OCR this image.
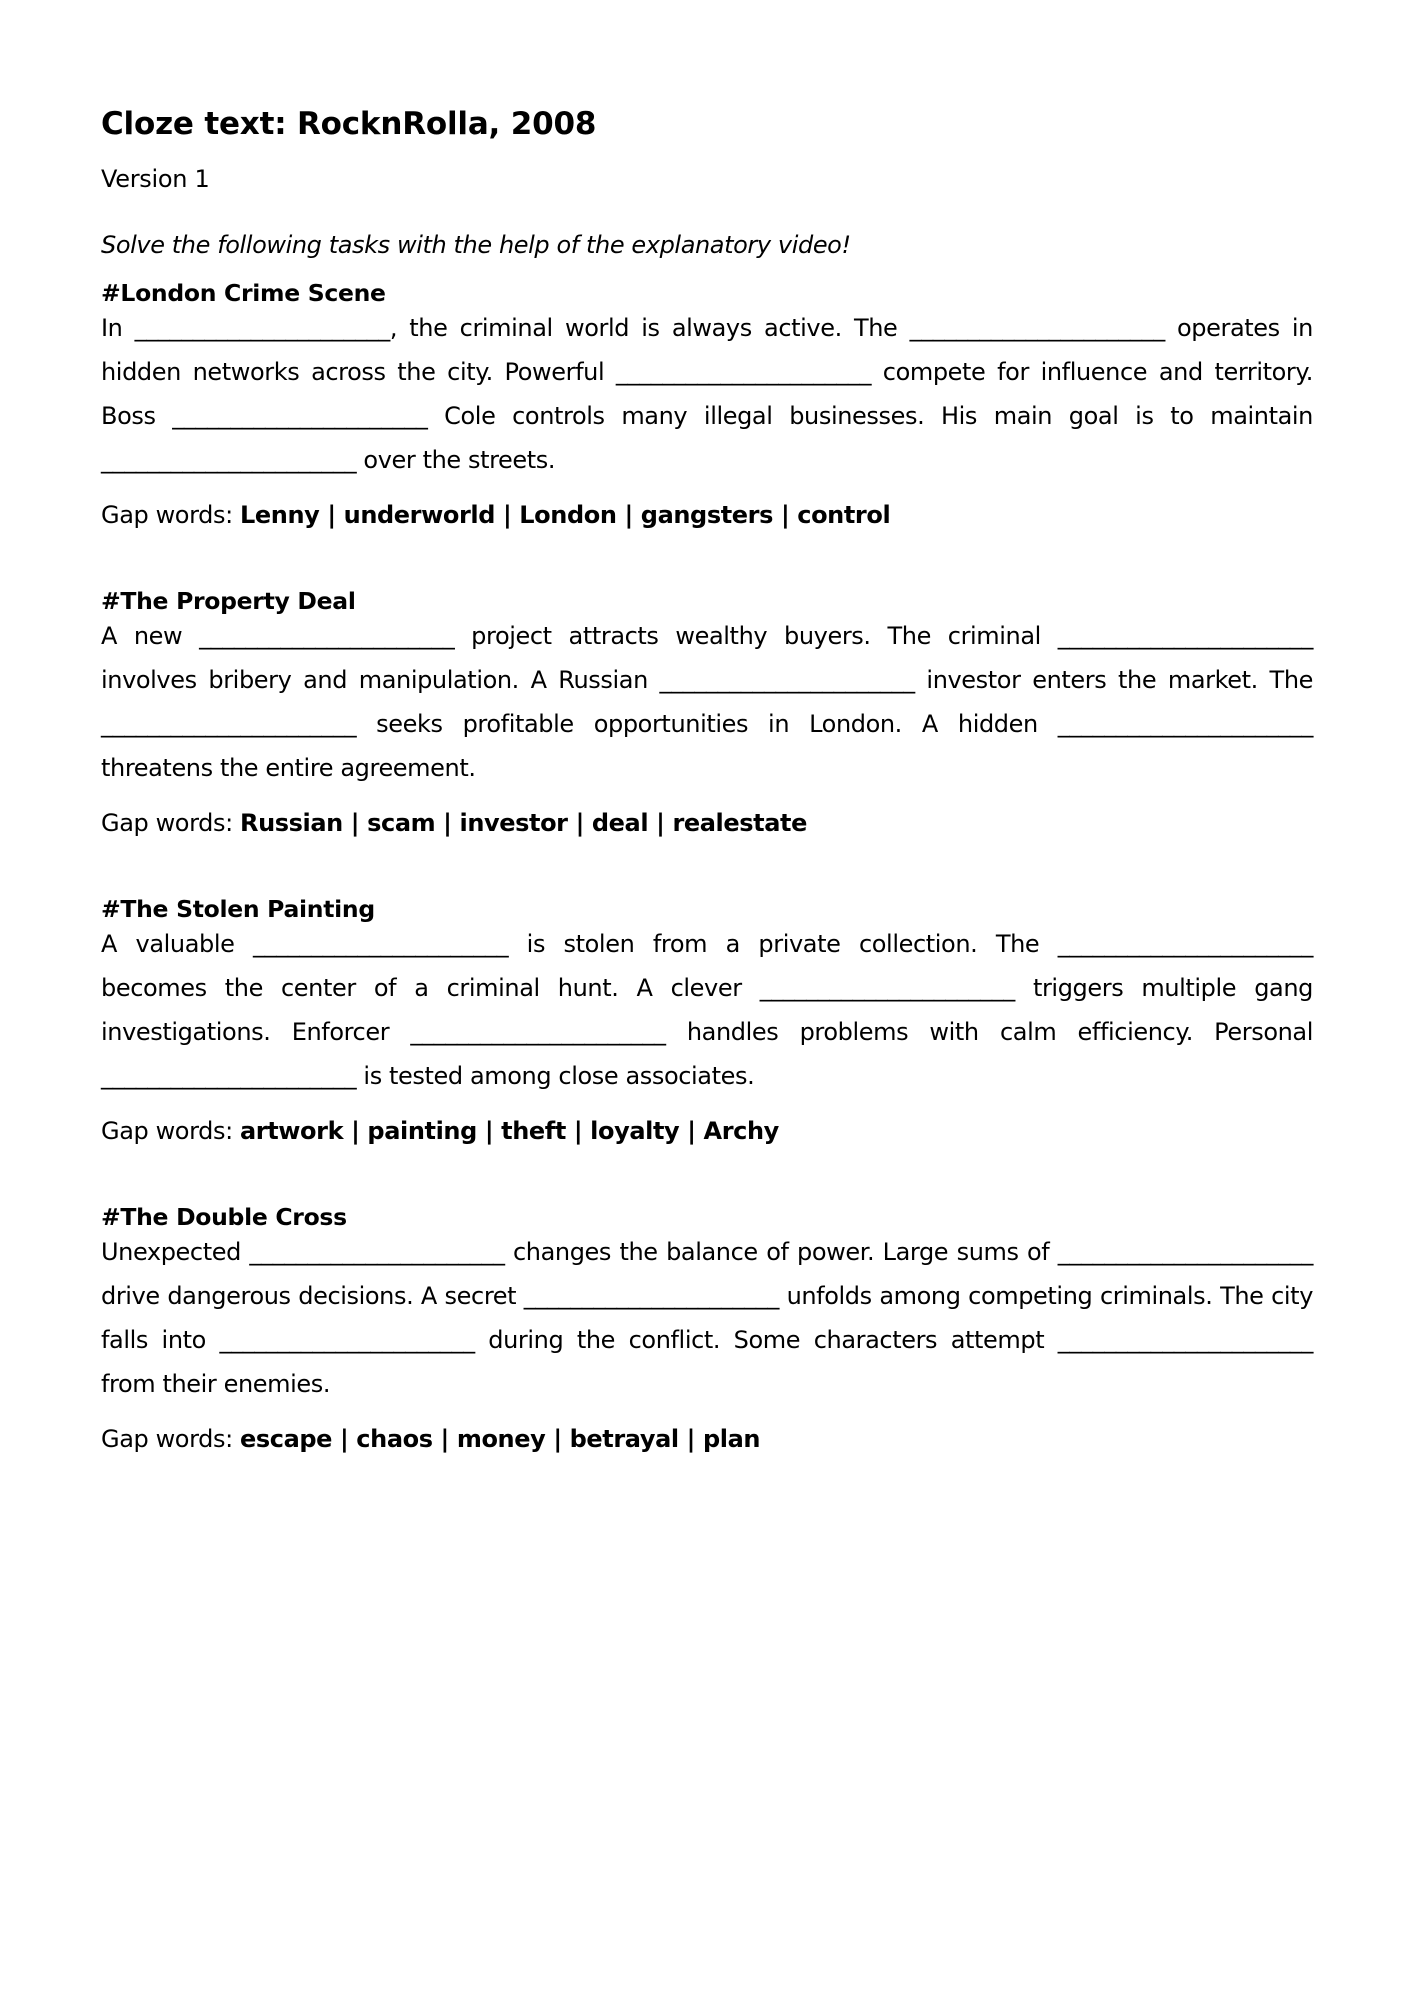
Cloze text: RocknRolla, 2008
Version 1
Solve the following tasks with the help of the explanatory video!
#London Crime Scene

In ______________________, the criminal world is always active. The ______________________ operates in hidden networks across the city. Powerful ______________________ compete for influence and territory. Boss ______________________ Cole controls many illegal businesses. His main goal is to maintain ______________________ over the streets.

Gap words: Lenny | underworld | London | gangsters | control
#The Property Deal

A new ______________________ project attracts wealthy buyers. The criminal ______________________ involves bribery and manipulation. A Russian ______________________ investor enters the market. The ______________________ seeks profitable opportunities in London. A hidden ______________________ threatens the entire agreement.

Gap words: Russian | scam | investor | deal | realestate
#The Stolen Painting

A valuable ______________________ is stolen from a private collection. The ______________________ becomes the center of a criminal hunt. A clever ______________________ triggers multiple gang investigations. Enforcer ______________________ handles problems with calm efficiency. Personal ______________________ is tested among close associates.

Gap words: artwork | painting | theft | loyalty | Archy
#The Double Cross

Unexpected ______________________ changes the balance of power. Large sums of ______________________ drive dangerous decisions. A secret ______________________ unfolds among competing criminals. The city falls into ______________________ during the conflict. Some characters attempt ______________________ from their enemies.

Gap words: escape | chaos | money | betrayal | plan
